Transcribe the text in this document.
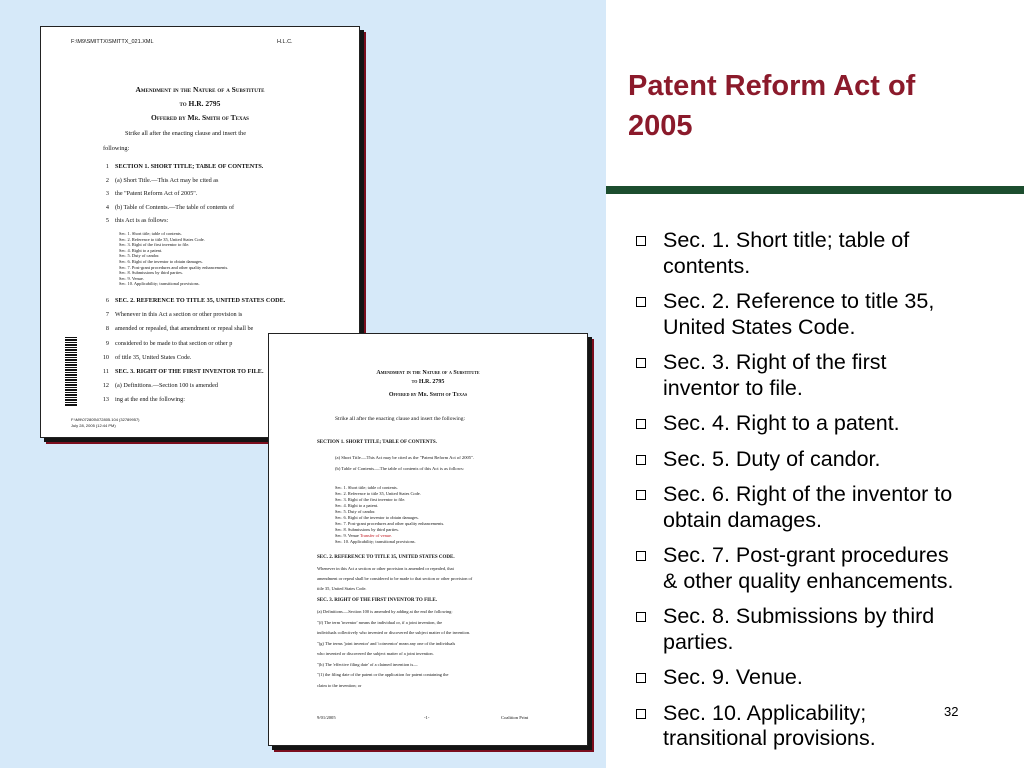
F:\M9\SMITTX\SMITTX_021.XML	H.L.C.
Amendment in the Nature of a Substitute
to H.R. 2795
Offered by Mr. Smith of Texas
Strike all after the enacting clause and insert the
following:
1 SECTION 1. SHORT TITLE; TABLE OF CONTENTS.
2 (a) Short Title.—This Act may be cited as
3 the "Patent Reform Act of 2005".
4 (b) Table of Contents.—The table of contents of
5 this Act is as follows:
Sec. 1. Short title; table of contents.
Sec. 2. Reference to title 35, United States Code.
Sec. 3. Right of the first inventor to file.
Sec. 4. Right to a patent.
Sec. 5. Duty of candor.
Sec. 6. Right of the inventor to obtain damages.
Sec. 7. Post-grant procedures and other quality enhancements.
Sec. 8. Submissions by third parties.
Sec. 9. Venue.
Sec. 10. Applicability; transitional provisions.
6 SEC. 2. REFERENCE TO TITLE 35, UNITED STATES CODE.
7 Whenever in this Act a section or other provision is
8 amended or repealed, that amendment or repeal shall be
9 considered to be made to that section or other p
10 of title 35, United States Code.
11 SEC. 3. RIGHT OF THE FIRST INVENTOR TO FILE.
12 (a) Definitions.—Section 100 is amended
13 ing at the end the following:
F:\M9\072805\072805.104 (32789957)
July 28, 2005 (12:44 PM)
Amendment in the Nature of a Substitute
to H.R. 2795
Offered by Mr. Smith of Texas
Strike all after the enacting clause and insert the following:
SECTION 1. SHORT TITLE; TABLE OF CONTENTS.
(a) Short Title.—This Act may be cited as the "Patent Reform Act of 2005".
(b) Table of Contents.—The table of contents of this Act is as follows:
Sec. 1. Short title; table of contents.
Sec. 2. Reference to title 35, United States Code.
Sec. 3. Right of the first inventor to file.
Sec. 4. Right to a patent.
Sec. 5. Duty of candor.
Sec. 6. Right of the inventor to obtain damages.
Sec. 7. Post-grant procedures and other quality enhancements.
Sec. 8. Submissions by third parties.
Sec. 9. Venue Transfer of venue.
Sec. 10. Applicability; transitional provisions.
SEC. 2. REFERENCE TO TITLE 35, UNITED STATES CODE.
Whenever in this Act a section or other provision is amended or repealed, that
amendment or repeal shall be considered to be made to that section or other provision of
title 35, United States Code.
SEC. 3. RIGHT OF THE FIRST INVENTOR TO FILE.
(a) Definitions.—Section 100 is amended by adding at the end the following:
"(f) The term 'inventor' means the individual or, if a joint invention, the
individuals collectively who invented or discovered the subject matter of the invention.
"(g) The terms 'joint inventor' and 'coinventor' mean any one of the individuals
who invented or discovered the subject matter of a joint invention.
"(h) The 'effective filing date' of a claimed invention is—
"(1) the filing date of the patent or the application for patent containing the
claim to the invention; or
9/01/2005	-1-	Coalition Print
Patent Reform Act of
2005
Sec. 1. Short title; table of
contents.
Sec. 2. Reference to title 35,
United States Code.
Sec. 3. Right of the first
inventor to file.
Sec. 4. Right to a patent.
Sec. 5. Duty of candor.
Sec. 6. Right of the inventor to
obtain damages.
Sec. 7. Post-grant procedures
& other quality enhancements.
Sec. 8. Submissions by third
parties.
Sec. 9. Venue.
Sec. 10. Applicability;
transitional provisions.
32
